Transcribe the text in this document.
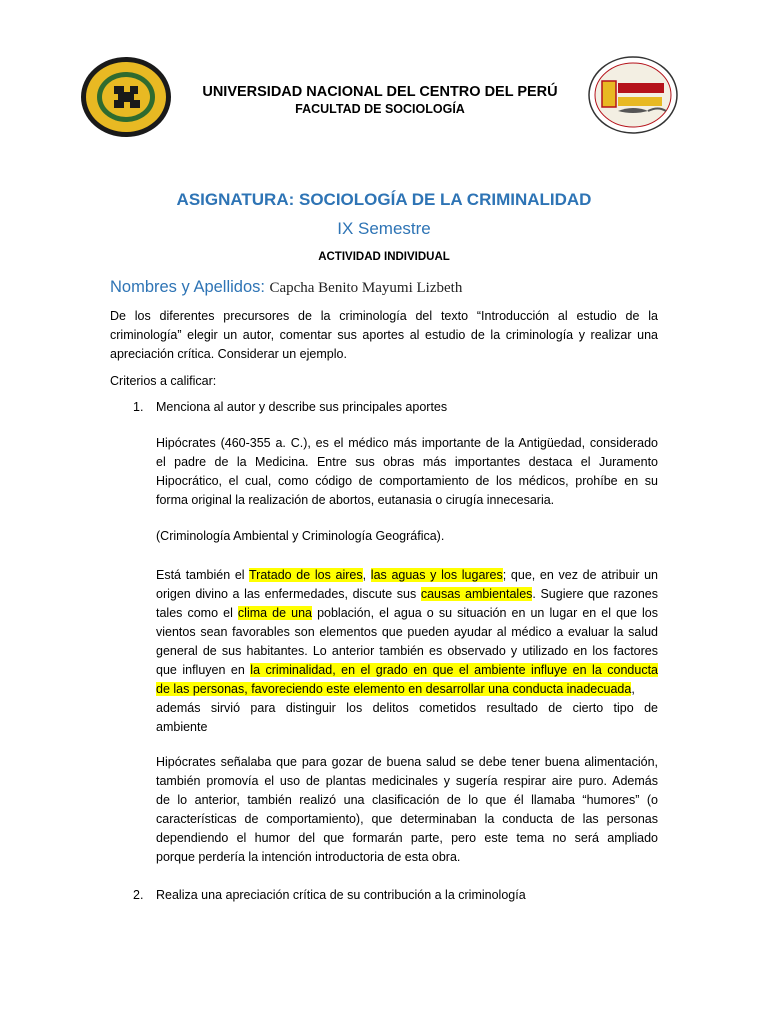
UNIVERSIDAD NACIONAL DEL CENTRO DEL PERÚ
FACULTAD DE SOCIOLOGÍA
ASIGNATURA: SOCIOLOGÍA DE LA CRIMINALIDAD
IX Semestre
ACTIVIDAD INDIVIDUAL
Nombres y Apellidos: Capcha Benito Mayumi Lizbeth
De los diferentes precursores de la criminología del texto “Introducción al estudio de la
criminología” elegir un autor, comentar sus aportes al estudio de la criminología y realizar una
apreciación crítica. Considerar un ejemplo.
Criterios a calificar:
1. Menciona al autor y describe sus principales aportes
Hipócrates (460-355 a. C.), es el médico más importante de la Antigüedad, considerado
el padre de la Medicina. Entre sus obras más importantes destaca el Juramento
Hipocrático, el cual, como código de comportamiento de los médicos, prohíbe en su
forma original la realización de abortos, eutanasia o cirugía innecesaria.
(Criminología Ambiental y Criminología Geográfica).
Está también el Tratado de los aires, las aguas y los lugares; que, en vez de atribuir un
origen divino a las enfermedades, discute sus causas ambientales. Sugiere que razones
tales como el clima de una población, el agua o su situación en un lugar en el que los
vientos sean favorables son elementos que pueden ayudar al médico a evaluar la salud
general de sus habitantes. Lo anterior también es observado y utilizado en los factores
que influyen en la criminalidad, en el grado en que el ambiente influye en la conducta
de las personas, favoreciendo este elemento en desarrollar una conducta inadecuada,
además sirvió para distinguir los delitos cometidos resultado de cierto tipo de
ambiente
Hipócrates señalaba que para gozar de buena salud se debe tener buena alimentación,
también promovía el uso de plantas medicinales y sugería respirar aire puro. Además
de lo anterior, también realizó una clasificación de lo que él llamaba “humores” (o
características de comportamiento), que determinaban la conducta de las personas
dependiendo el humor del que formarán parte, pero este tema no será ampliado
porque perdería la intención introductoria de esta obra.
2. Realiza una apreciación crítica de su contribución a la criminología
